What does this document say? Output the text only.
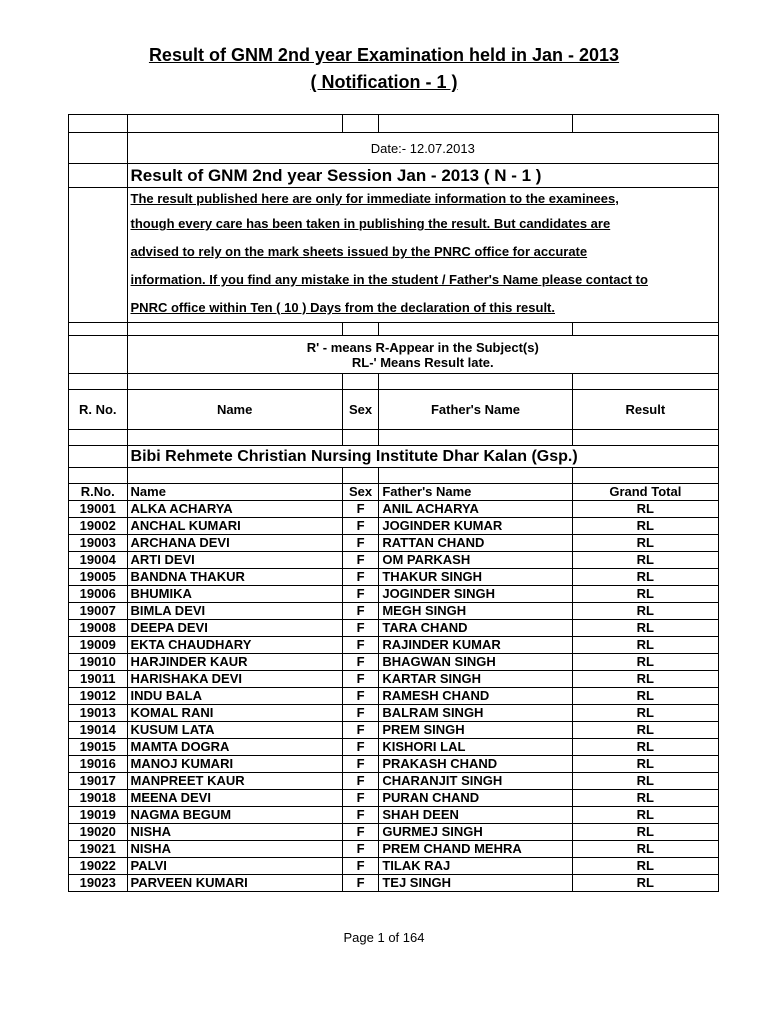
Result of GNM 2nd year Examination held in Jan - 2013
( Notification - 1 )

	Date:- 12.07.2013			
	Result of GNM 2nd year Session Jan - 2013 ( N - 1 )			

	The result published here are only for immediate information to the examinees,
though every care has been taken in publishing the result. But candidates are
advised to rely on the mark sheets issued by the PNRC office for accurate
information. If you find any mistake in the student / Father's Name please contact to
PNRC office within Ten ( 10 ) Days from the declaration of this result.			

	R' - means R-Appear in the Subject(s)
RL-' Means Result late.			

R. No.	Name	Sex	Father's Name	Result

	Bibi Rehmete Christian Nursing Institute Dhar Kalan (Gsp.)			

R.No.	Name	Sex	Father's Name	Grand Total
19001	ALKA ACHARYA	F	ANIL ACHARYA	RL
19002	ANCHAL KUMARI	F	JOGINDER KUMAR	RL
19003	ARCHANA DEVI	F	RATTAN CHAND	RL
19004	ARTI DEVI	F	OM PARKASH	RL
19005	BANDNA THAKUR	F	THAKUR SINGH	RL
19006	BHUMIKA	F	JOGINDER SINGH	RL
19007	BIMLA DEVI	F	MEGH SINGH	RL
19008	DEEPA DEVI	F	TARA CHAND	RL
19009	EKTA CHAUDHARY	F	RAJINDER KUMAR	RL
19010	HARJINDER KAUR	F	BHAGWAN SINGH	RL
19011	HARISHAKA DEVI	F	KARTAR SINGH	RL
19012	INDU BALA	F	RAMESH CHAND	RL
19013	KOMAL RANI	F	BALRAM SINGH	RL
19014	KUSUM LATA	F	PREM SINGH	RL
19015	MAMTA DOGRA	F	KISHORI LAL	RL
19016	MANOJ KUMARI	F	PRAKASH CHAND	RL
19017	MANPREET KAUR	F	CHARANJIT SINGH	RL
19018	MEENA DEVI	F	PURAN CHAND	RL
19019	NAGMA BEGUM	F	SHAH DEEN	RL
19020	NISHA	F	GURMEJ SINGH	RL
19021	NISHA	F	PREM CHAND MEHRA	RL
19022	PALVI	F	TILAK RAJ	RL
19023	PARVEEN KUMARI	F	TEJ SINGH	RL
Page 1 of 164
